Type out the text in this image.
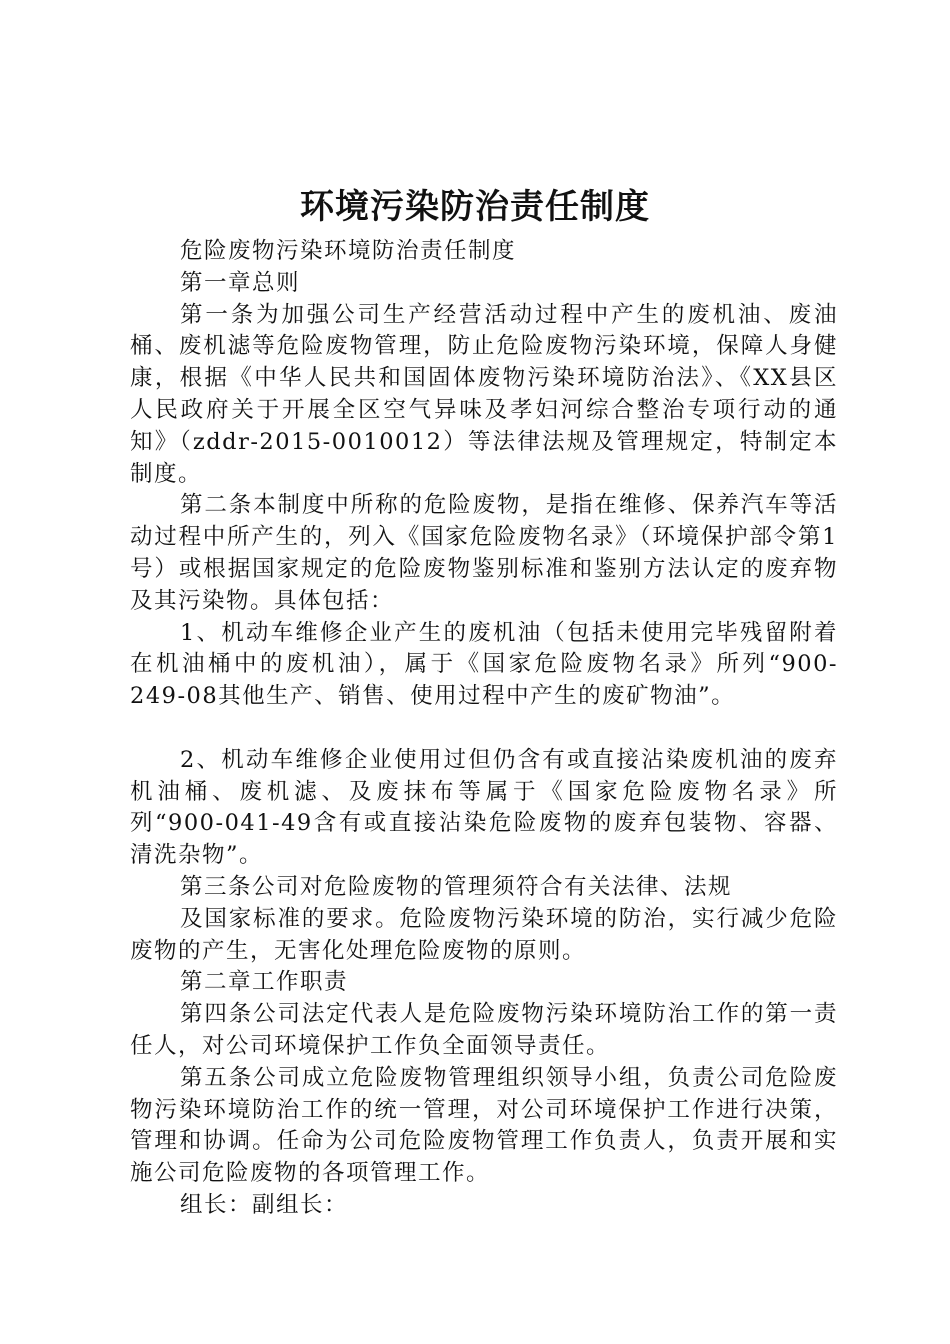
环境污染防治责任制度

危险废物污染环境防治责任制度

第一章总则

第一条为加强公司生产经营活动过程中产生的废机油、废油桶、废机滤等危险废物管理，防止危险废物污染环境，保障人身健康，根据《中华人民共和国固体废物污染环境防治法》、《XX县区人民政府关于开展全区空气异味及孝妇河综合整治专项行动的通知》（zddr-2015-0010012）等法律法规及管理规定，特制定本制度。

第二条本制度中所称的危险废物，是指在维修、保养汽车等活动过程中所产生的，列入《国家危险废物名录》（环境保护部令第1号）或根据国家规定的危险废物鉴别标准和鉴别方法认定的废弃物及其污染物。具体包括：

1、机动车维修企业产生的废机油（包括未使用完毕残留附着在机油桶中的废机油），属于《国家危险废物名录》所列“900-249-08其他生产、销售、使用过程中产生的废矿物油”。

2、机动车维修企业使用过但仍含有或直接沾染废机油的废弃机油桶、废机滤、及废抹布等属于《国家危险废物名录》所列“900-041-49含有或直接沾染危险废物的废弃包装物、容器、清洗杂物”。

第三条公司对危险废物的管理须符合有关法律、法规

及国家标准的要求。危险废物污染环境的防治，实行减少危险废物的产生，无害化处理危险废物的原则。

第二章工作职责

第四条公司法定代表人是危险废物污染环境防治工作的第一责任人，对公司环境保护工作负全面领导责任。

第五条公司成立危险废物管理组织领导小组，负责公司危险废物污染环境防治工作的统一管理，对公司环境保护工作进行决策，管理和协调。任命为公司危险废物管理工作负责人，负责开展和实施公司危险废物的各项管理工作。

组长：副组长：
